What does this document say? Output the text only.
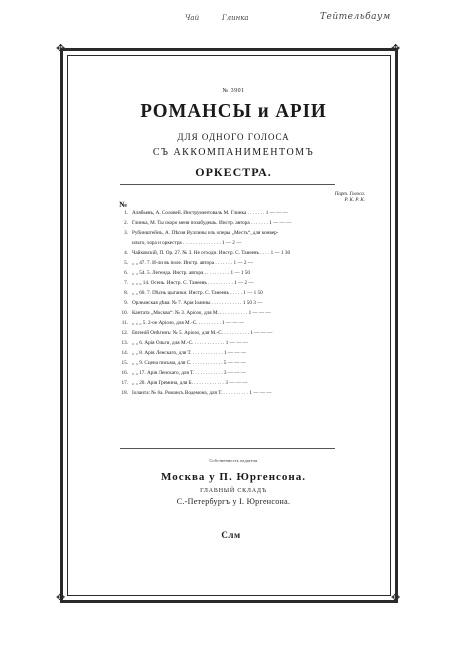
Чай	Глинка	Тейтельбаум
✥	✥
✥	✥
№ 3901
РОМАНСЫ и АРІИ
ДЛЯ ОДНОГО ГОЛОСА
СЪ АККОМПАНИМЕНТОМЪ
ОРКЕСТРА.
Парт. Голоса.
Р. К. Р. К.
№
1. Алябьевъ, А. Соловей. Инструментоваль М. Глинка . . . . . . . 1 — — —
2. Глинка, М. Ты скоро меня позабудешь. Инстр. автора . . . . . . . 1 — — —
3. Рубинштейнъ, А. Пѣсня Вуллины изъ оперы „Месть“, для конвер-
ильто, хора и оркестра . . . . . . . . . . . . . . . 1 — 2 —
4. Чайковскій, П. Ор. 27. № 3. Не отходи. Инстр. С. Танеевъ . . . . 1 — 1 30
5.„ „ 47. 7. И-ли въ поле. Инстр. автора . . . . . . . 1 — 2 —
6.„ „ 54. 5. Легенда. Инстр. автора . . . . . . . . . . 1 — 1 50
7.„ „ „ 14. Осень. Инстр. С. Танеевъ . . . . . . . . . . 1 — 2 —
8.„ „ 60. 7. Пѣснь цыганки. Инстр. С. Танеевъ . . . . . 1 — 1 50
9. Орлеанская дѣва: № 7. Арія Іоанны . . . . . . . . . . . . 1 50 3 —
10. Кантата „Москва“: № 3. Аріозо, для М. . . . . . . . . . . . 1 — — —
11.„ „ „ 5. 2-ое Аріозо, для М.-С. . . . . . . . . . 1 — — —
12. Евгеній Онѣгинъ: № 5. Аріозо, для М.-С. . . . . . . . . . . 1 — — —
13.„ „ 6. Арія Ольги, для М.-С. . . . . . . . . . . . . 1 — — —
14.„ „ 8. Арія Ленскаго, для Т. . . . . . . . . . . . . 1 — — —
15.„ „ 9. Сцена письма, для С. . . . . . . . . . . . . 5 — — —
16.„ „ 17. Арія Ленскаго, для Т. . . . . . . . . . . . 3 — — —
17.„ „ 20. Арія Гремина, для Б. . . . . . . . . . . . . 3 — — —
18. Іоланта: № 6а. Романсъ Водемона, для Т. . . . . . . . . . . 1 — — —
Собственность издателя
Москва у П. Юргенсона.
ГЛАВНЫЙ СКЛАДЪ
С.-Петербургъ у І. Юргенсона.
Слм
